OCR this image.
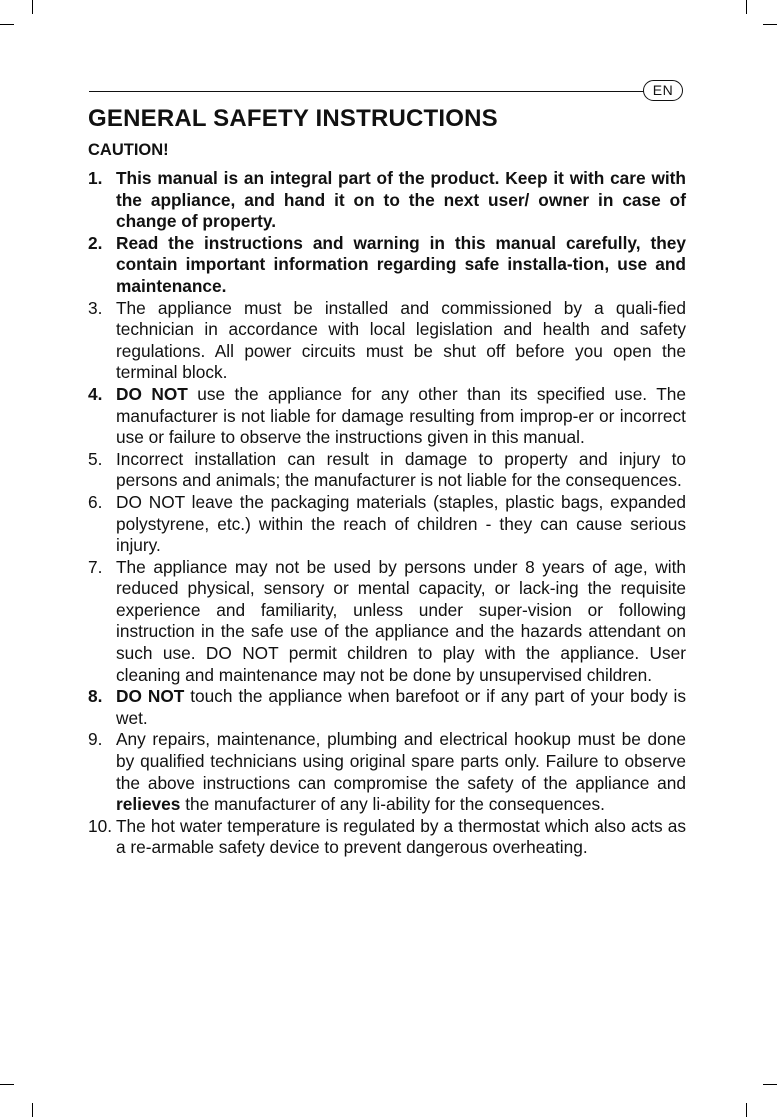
EN
GENERAL SAFETY INSTRUCTIONS
CAUTION!
1. This manual is an integral part of the product. Keep it with care with the appliance, and hand it on to the next user/ owner in case of change of property.
2. Read the instructions and warning in this manual carefully, they contain important information regarding safe installa-tion, use and maintenance.
3. The appliance must be installed and commissioned by a quali-fied technician in accordance with local legislation and health and safety regulations. All power circuits must be shut off before you open the terminal block.
4. DO NOT use the appliance for any other than its specified use. The manufacturer is not liable for damage resulting from improp-er or incorrect use or failure to observe the instructions given in this manual.
5. Incorrect installation can result in damage to property and injury to persons and animals; the manufacturer is not liable for the consequences.
6. DO NOT leave the packaging materials (staples, plastic bags, expanded polystyrene, etc.) within the reach of children - they can cause serious injury.
7. The appliance may not be used by persons under 8 years of age, with reduced physical, sensory or mental capacity, or lack-ing the requisite experience and familiarity, unless under super-vision or following instruction in the safe use of the appliance and the hazards attendant on such use. DO NOT permit children to play with the appliance. User cleaning and maintenance may not be done by unsupervised children.
8. DO NOT touch the appliance when barefoot or if any part of your body is wet.
9. Any repairs, maintenance, plumbing and electrical hookup must be done by qualified technicians using original spare parts only. Failure to observe the above instructions can compromise the safety of the appliance and relieves the manufacturer of any li-ability for the consequences.
10. The hot water temperature is regulated by a thermostat which also acts as a re-armable safety device to prevent dangerous overheating.
